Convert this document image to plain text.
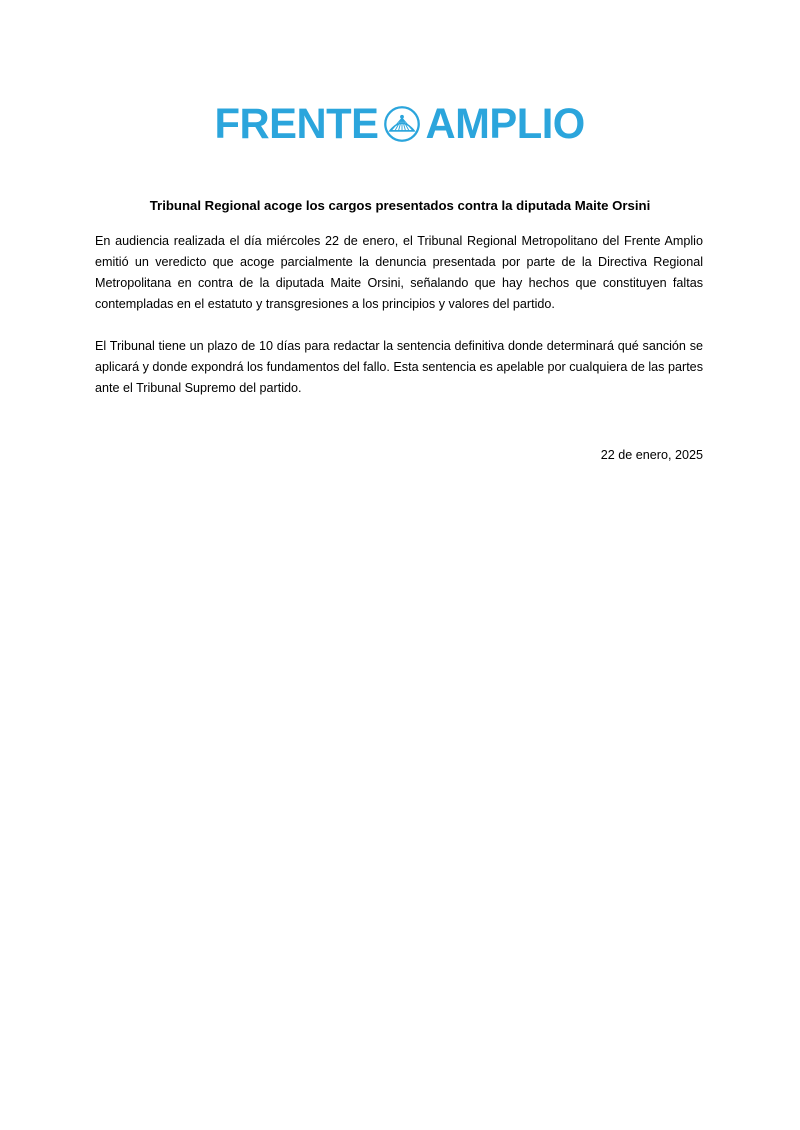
FRENTE AMPLIO
Tribunal Regional acoge los cargos presentados contra la diputada Maite Orsini

En audiencia realizada el día miércoles 22 de enero, el Tribunal Regional Metropolitano del Frente Amplio emitió un veredicto que acoge parcialmente la denuncia presentada por parte de la Directiva Regional Metropolitana en contra de la diputada Maite Orsini, señalando que hay hechos que constituyen faltas contempladas en el estatuto y transgresiones a los principios y valores del partido.

El Tribunal tiene un plazo de 10 días para redactar la sentencia definitiva donde determinará qué sanción se aplicará y donde expondrá los fundamentos del fallo. Esta sentencia es apelable por cualquiera de las partes ante el Tribunal Supremo del partido.

22 de enero, 2025
